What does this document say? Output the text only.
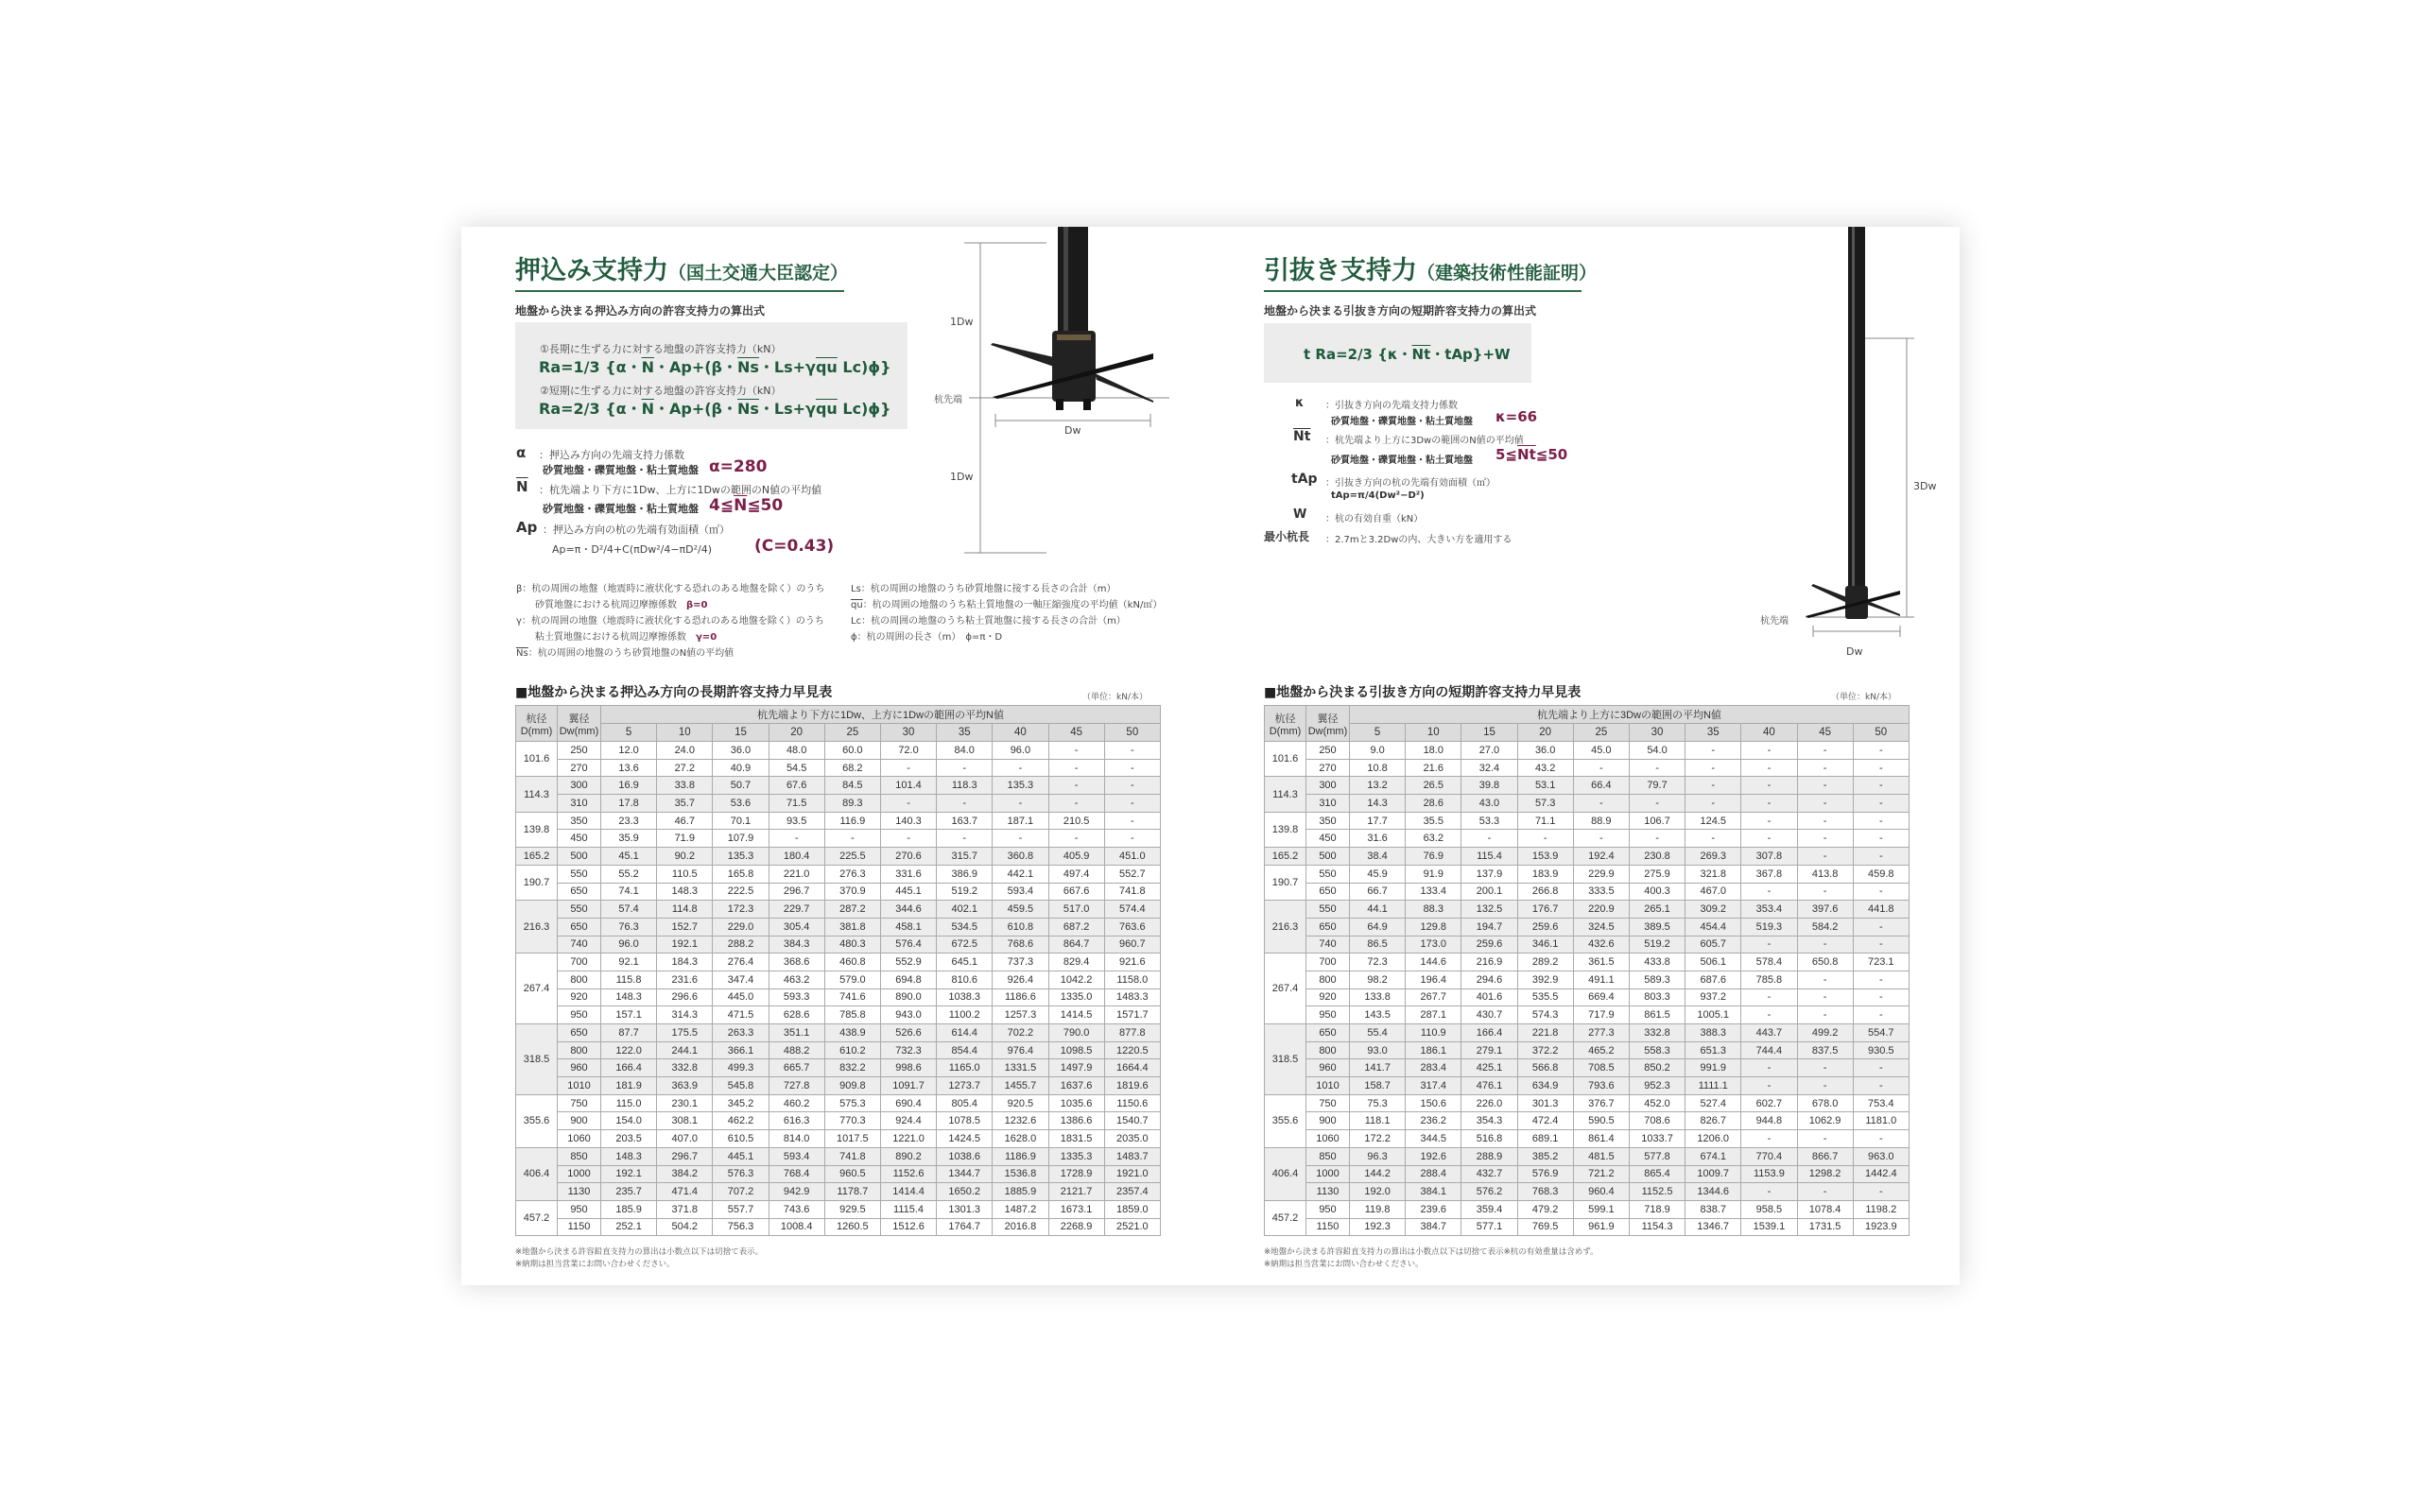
押込み支持力（国土交通大臣認定）
地盤から決まる押込み方向の許容支持力の算出式
①長期に生ずる力に対する地盤の許容支持力（kN）
Ra=1/3 {α・$\overline{N}$・Ap+(β・$\overline{Ns}$・$Ls+\gamma\overline{qu}$ Lc)ϕ}
②短期に生ずる力に対する地盤の許容支持力（kN）
Ra=2/3 {α・$\overline{N}$・Ap+(β・$\overline{Ns}$・$Ls+\gamma\overline{qu}$ Lc)ϕ}
α ：押込み方向の先端支持力係数
砂質地盤・礫質地盤・粘土質地盤 α=280
$\overline{N}$ ：杭先端より下方に1Dw、上方に1Dwの範囲のN値の平均値
砂質地盤・礫質地盤・粘土質地盤 $4≦\overline{N}≦50$
Ap ：押込み方向の杭の先端有効面積（㎡）
Ap=π・D²/4+C(πDw²/4−πD²/4)	(C=0.43)
β：杭の周囲の地盤（地震時に液状化する恐れのある地盤を除く）のうち
砂質地盤における杭周辺摩擦係数　 β=0
γ：杭の周囲の地盤（地震時に液状化する恐れのある地盤を除く）のうち
粘土質地盤における杭周辺摩擦係数　 γ=0
$\overline{Ns}$：杭の周囲の地盤のうち砂質地盤のN値の平均値
Ls：杭の周囲の地盤のうち砂質地盤に接する長さの合計（m）
$\overline{qu}$：杭の周囲の地盤のうち粘土質地盤の一軸圧縮強度の平均値（kN/㎡）
Lc：杭の周囲の地盤のうち粘土質地盤に接する長さの合計（m）
ϕ：杭の周囲の長さ（m）　ϕ=π・D
1Dw
1Dw
杭先端
Dw
引抜き支持力（建築技術性能証明）
地盤から決まる引抜き方向の短期許容支持力の算出式
t Ra=2/3 {κ・$\overline{Nt}$・tAp}+W
κ ：引抜き方向の先端支持力係数
砂質地盤・礫質地盤・粘土質地盤 κ=66
$\overline{Nt}$ ：杭先端より上方に3Dwの範囲のN値の平均値
砂質地盤・礫質地盤・粘土質地盤 $5≦\overline{Nt}≦50$
tAp ：引抜き方向の杭の先端有効面積（㎡）
tAp=π/4(Dw²−D²)
W ：杭の有効自重（kN）
最小杭長 ：2.7mと3.2Dwの内、大きい方を適用する
3Dw
杭先端
Dw
■地盤から決まる押込み方向の長期許容支持力早見表	（単位：kN/本）
杭径
D(mm)	翼径
Dw(mm)	杭先端より下方に1Dw、上方に1Dwの範囲の平均N値									
		5	10	15	20	25	30	35	40	45	50
101.6	250	12.0	24.0	36.0	48.0	60.0	72.0	84.0	96.0	-	-
	270	13.6	27.2	40.9	54.5	68.2	-	-	-	-	-
114.3	300	16.9	33.8	50.7	67.6	84.5	101.4	118.3	135.3	-	-
	310	17.8	35.7	53.6	71.5	89.3	-	-	-	-	-
139.8	350	23.3	46.7	70.1	93.5	116.9	140.3	163.7	187.1	210.5	-
	450	35.9	71.9	107.9	-	-	-	-	-	-	-
165.2	500	45.1	90.2	135.3	180.4	225.5	270.6	315.7	360.8	405.9	451.0
190.7	550	55.2	110.5	165.8	221.0	276.3	331.6	386.9	442.1	497.4	552.7
	650	74.1	148.3	222.5	296.7	370.9	445.1	519.2	593.4	667.6	741.8
216.3	550	57.4	114.8	172.3	229.7	287.2	344.6	402.1	459.5	517.0	574.4
	650	76.3	152.7	229.0	305.4	381.8	458.1	534.5	610.8	687.2	763.6
	740	96.0	192.1	288.2	384.3	480.3	576.4	672.5	768.6	864.7	960.7
267.4	700	92.1	184.3	276.4	368.6	460.8	552.9	645.1	737.3	829.4	921.6
	800	115.8	231.6	347.4	463.2	579.0	694.8	810.6	926.4	1042.2	1158.0
	920	148.3	296.6	445.0	593.3	741.6	890.0	1038.3	1186.6	1335.0	1483.3
	950	157.1	314.3	471.5	628.6	785.8	943.0	1100.2	1257.3	1414.5	1571.7
318.5	650	87.7	175.5	263.3	351.1	438.9	526.6	614.4	702.2	790.0	877.8
	800	122.0	244.1	366.1	488.2	610.2	732.3	854.4	976.4	1098.5	1220.5
	960	166.4	332.8	499.3	665.7	832.2	998.6	1165.0	1331.5	1497.9	1664.4
	1010	181.9	363.9	545.8	727.8	909.8	1091.7	1273.7	1455.7	1637.6	1819.6
355.6	750	115.0	230.1	345.2	460.2	575.3	690.4	805.4	920.5	1035.6	1150.6
	900	154.0	308.1	462.2	616.3	770.3	924.4	1078.5	1232.6	1386.6	1540.7
	1060	203.5	407.0	610.5	814.0	1017.5	1221.0	1424.5	1628.0	1831.5	2035.0
406.4	850	148.3	296.7	445.1	593.4	741.8	890.2	1038.6	1186.9	1335.3	1483.7
	1000	192.1	384.2	576.3	768.4	960.5	1152.6	1344.7	1536.8	1728.9	1921.0
	1130	235.7	471.4	707.2	942.9	1178.7	1414.4	1650.2	1885.9	2121.7	2357.4
457.2	950	185.9	371.8	557.7	743.6	929.5	1115.4	1301.3	1487.2	1673.1	1859.0
	1150	252.1	504.2	756.3	1008.4	1260.5	1512.6	1764.7	2016.8	2268.9	2521.0
※地盤から決まる許容鉛直支持力の算出は小数点以下は切捨て表示。
※納期は担当営業にお問い合わせください。
■地盤から決まる引抜き方向の短期許容支持力早見表	（単位：kN/本）
杭径
D(mm)	翼径
Dw(mm)	杭先端より上方に3Dwの範囲の平均N値									
		5	10	15	20	25	30	35	40	45	50
101.6	250	9.0	18.0	27.0	36.0	45.0	54.0	-	-	-	-
	270	10.8	21.6	32.4	43.2	-	-	-	-	-	-
114.3	300	13.2	26.5	39.8	53.1	66.4	79.7	-	-	-	-
	310	14.3	28.6	43.0	57.3	-	-	-	-	-	-
139.8	350	17.7	35.5	53.3	71.1	88.9	106.7	124.5	-	-	-
	450	31.6	63.2	-	-	-	-	-	-	-	-
165.2	500	38.4	76.9	115.4	153.9	192.4	230.8	269.3	307.8	-	-
190.7	550	45.9	91.9	137.9	183.9	229.9	275.9	321.8	367.8	413.8	459.8
	650	66.7	133.4	200.1	266.8	333.5	400.3	467.0	-	-	-
216.3	550	44.1	88.3	132.5	176.7	220.9	265.1	309.2	353.4	397.6	441.8
	650	64.9	129.8	194.7	259.6	324.5	389.5	454.4	519.3	584.2	-
	740	86.5	173.0	259.6	346.1	432.6	519.2	605.7	-	-	-
267.4	700	72.3	144.6	216.9	289.2	361.5	433.8	506.1	578.4	650.8	723.1
	800	98.2	196.4	294.6	392.9	491.1	589.3	687.6	785.8	-	-
	920	133.8	267.7	401.6	535.5	669.4	803.3	937.2	-	-	-
	950	143.5	287.1	430.7	574.3	717.9	861.5	1005.1	-	-	-
318.5	650	55.4	110.9	166.4	221.8	277.3	332.8	388.3	443.7	499.2	554.7
	800	93.0	186.1	279.1	372.2	465.2	558.3	651.3	744.4	837.5	930.5
	960	141.7	283.4	425.1	566.8	708.5	850.2	991.9	-	-	-
	1010	158.7	317.4	476.1	634.9	793.6	952.3	1111.1	-	-	-
355.6	750	75.3	150.6	226.0	301.3	376.7	452.0	527.4	602.7	678.0	753.4
	900	118.1	236.2	354.3	472.4	590.5	708.6	826.7	944.8	1062.9	1181.0
	1060	172.2	344.5	516.8	689.1	861.4	1033.7	1206.0	-	-	-
406.4	850	96.3	192.6	288.9	385.2	481.5	577.8	674.1	770.4	866.7	963.0
	1000	144.2	288.4	432.7	576.9	721.2	865.4	1009.7	1153.9	1298.2	1442.4
	1130	192.0	384.1	576.2	768.3	960.4	1152.5	1344.6	-	-	-
457.2	950	119.8	239.6	359.4	479.2	599.1	718.9	838.7	958.5	1078.4	1198.2
	1150	192.3	384.7	577.1	769.5	961.9	1154.3	1346.7	1539.1	1731.5	1923.9
※地盤から決まる許容鉛直支持力の算出は小数点以下は切捨て表示※杭の有効重量は含めず。
※納期は担当営業にお問い合わせください。
